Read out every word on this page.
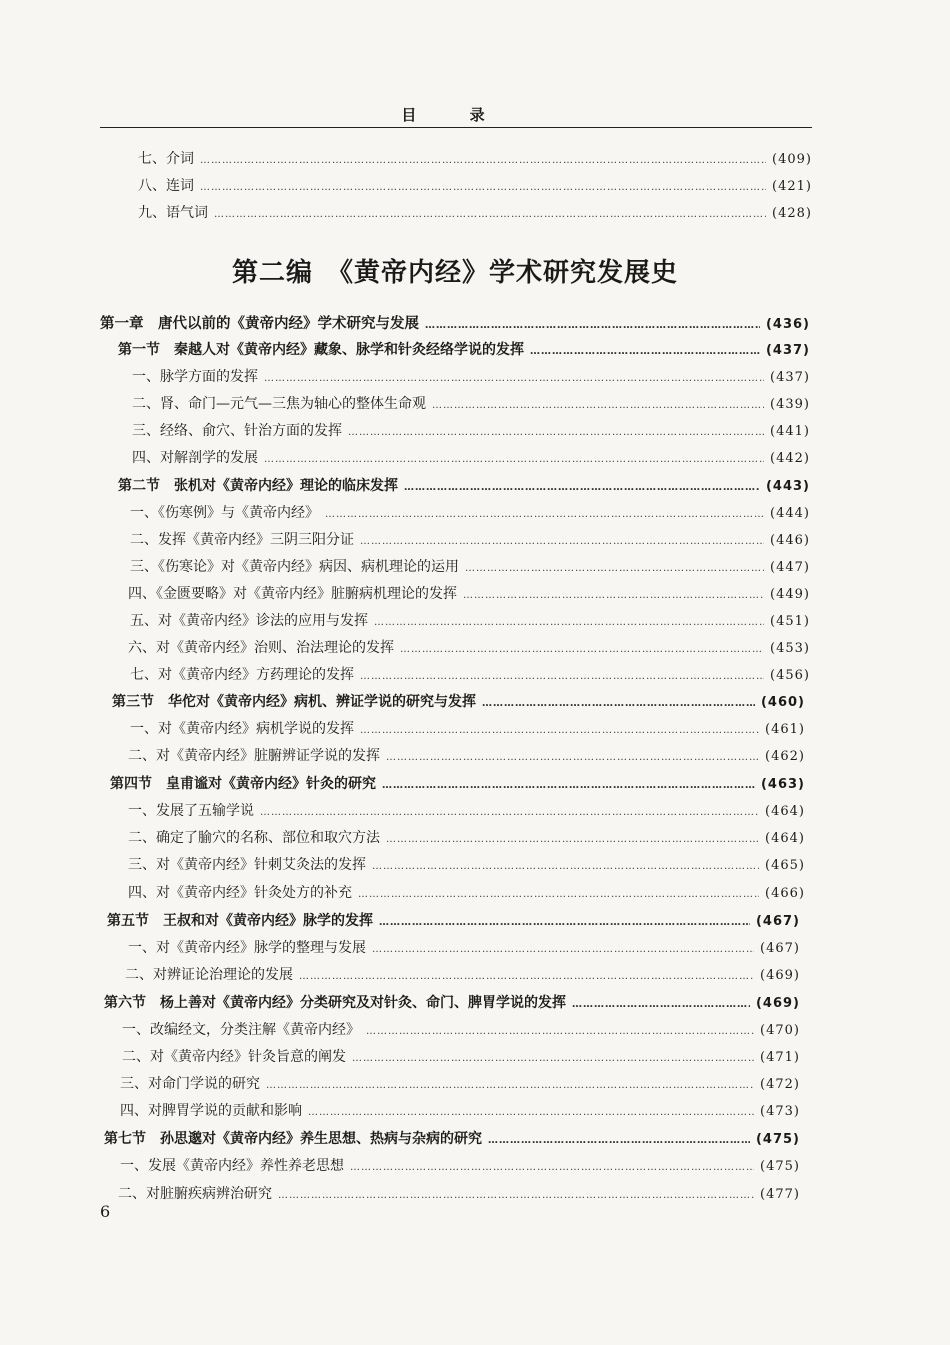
目 录
第二编　《黄帝内经》学术研究发展史
七、介词 ………………………………………………………………………………………………………………………………………………………………………………………………	(409)
八、连词 ………………………………………………………………………………………………………………………………………………………………………………………………	(421)
九、语气词 ………………………………………………………………………………………………………………………………………………………………………………………………	(428)
第一章　唐代以前的《黄帝内经》学术研究与发展 ………………………………………………………………………………………………………………………………………………………………………………………………	(436)
第一节　秦越人对《黄帝内经》藏象、脉学和针灸经络学说的发挥 ………………………………………………………………………………………………………………………………………………………………………………………………	(437)
一、脉学方面的发挥 ………………………………………………………………………………………………………………………………………………………………………………………………	(437)
二、肾、命门—元气—三焦为轴心的整体生命观 ………………………………………………………………………………………………………………………………………………………………………………………………	(439)
三、经络、俞穴、针治方面的发挥 ………………………………………………………………………………………………………………………………………………………………………………………………	(441)
四、对解剖学的发展 ………………………………………………………………………………………………………………………………………………………………………………………………	(442)
第二节　张机对《黄帝内经》理论的临床发挥 ………………………………………………………………………………………………………………………………………………………………………………………………	(443)
一、《伤寒例》与《黄帝内经》 ………………………………………………………………………………………………………………………………………………………………………………………………	(444)
二、发挥《黄帝内经》三阴三阳分证 ………………………………………………………………………………………………………………………………………………………………………………………………	(446)
三、《伤寒论》对《黄帝内经》病因、病机理论的运用 ………………………………………………………………………………………………………………………………………………………………………………………………	(447)
四、《金匮要略》对《黄帝内经》脏腑病机理论的发挥 ………………………………………………………………………………………………………………………………………………………………………………………………	(449)
五、对《黄帝内经》诊法的应用与发挥 ………………………………………………………………………………………………………………………………………………………………………………………………	(451)
六、对《黄帝内经》治则、治法理论的发挥 ………………………………………………………………………………………………………………………………………………………………………………………………	(453)
七、对《黄帝内经》方药理论的发挥 ………………………………………………………………………………………………………………………………………………………………………………………………	(456)
第三节　华佗对《黄帝内经》病机、辨证学说的研究与发挥 ………………………………………………………………………………………………………………………………………………………………………………………………	(460)
一、对《黄帝内经》病机学说的发挥 ………………………………………………………………………………………………………………………………………………………………………………………………	(461)
二、对《黄帝内经》脏腑辨证学说的发挥 ………………………………………………………………………………………………………………………………………………………………………………………………	(462)
第四节　皇甫谧对《黄帝内经》针灸的研究 ………………………………………………………………………………………………………………………………………………………………………………………………	(463)
一、发展了五输学说 ………………………………………………………………………………………………………………………………………………………………………………………………	(464)
二、确定了腧穴的名称、部位和取穴方法 ………………………………………………………………………………………………………………………………………………………………………………………………	(464)
三、对《黄帝内经》针刺艾灸法的发挥 ………………………………………………………………………………………………………………………………………………………………………………………………	(465)
四、对《黄帝内经》针灸处方的补充 ………………………………………………………………………………………………………………………………………………………………………………………………	(466)
第五节　王叔和对《黄帝内经》脉学的发挥 ………………………………………………………………………………………………………………………………………………………………………………………………	(467)
一、对《黄帝内经》脉学的整理与发展 ………………………………………………………………………………………………………………………………………………………………………………………………	(467)
二、对辨证论治理论的发展 ………………………………………………………………………………………………………………………………………………………………………………………………	(469)
第六节　杨上善对《黄帝内经》分类研究及对针灸、命门、脾胃学说的发挥 ………………………………………………………………………………………………………………………………………………………………………………………………	(469)
一、改编经文，分类注解《黄帝内经》 ………………………………………………………………………………………………………………………………………………………………………………………………	(470)
二、对《黄帝内经》针灸旨意的阐发 ………………………………………………………………………………………………………………………………………………………………………………………………	(471)
三、对命门学说的研究 ………………………………………………………………………………………………………………………………………………………………………………………………	(472)
四、对脾胃学说的贡献和影响 ………………………………………………………………………………………………………………………………………………………………………………………………	(473)
第七节　孙思邈对《黄帝内经》养生思想、热病与杂病的研究 ………………………………………………………………………………………………………………………………………………………………………………………………	(475)
一、发展《黄帝内经》养性养老思想 ………………………………………………………………………………………………………………………………………………………………………………………………	(475)
二、对脏腑疾病辨治研究 ………………………………………………………………………………………………………………………………………………………………………………………………	(477)
6
